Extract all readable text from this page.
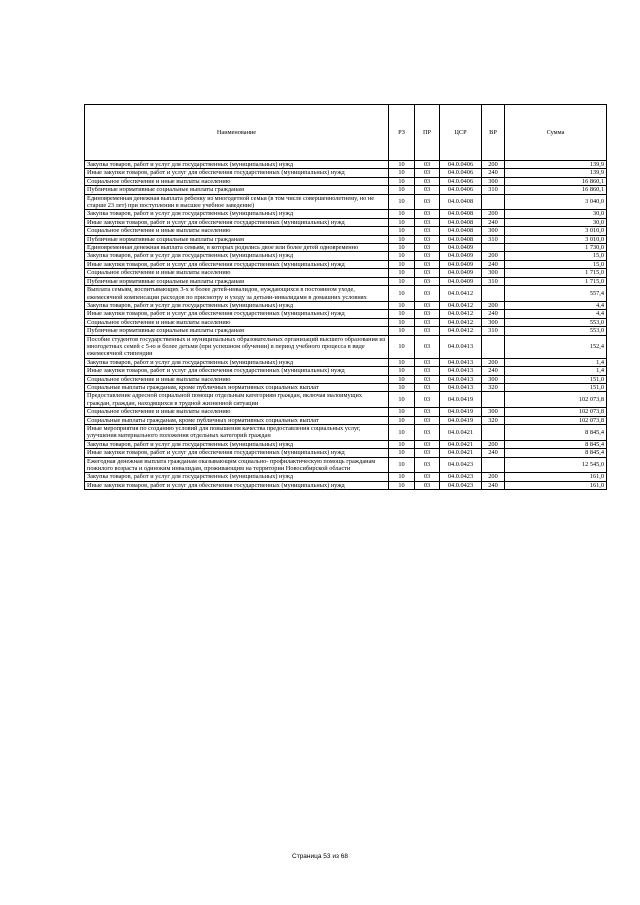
Наименование	РЗ	ПР	ЦСР	ВР	Сумма
Закупка товаров, работ и услуг для государственных (муниципальных) нужд	10	03	04.0.0406	200	139,9
Иные закупки товаров, работ и услуг для обеспечения государственных (муниципальных) нужд	10	03	04.0.0406	240	139,9
Социальное обеспечение и иные выплаты населению	10	03	04.0.0406	300	16 860,1
Публичные нормативные социальные выплаты гражданам	10	03	04.0.0406	310	16 860,1
Единовременная денежная выплата ребенку из многодетной семьи (в том числе совершеннолетнему, но не старше 23 лет) при поступлении в высшее учебное заведение)	10	03	04.0.0408		3 040,0
Закупка товаров, работ и услуг для государственных (муниципальных) нужд	10	03	04.0.0408	200	30,0
Иные закупки товаров, работ и услуг для обеспечения государственных (муниципальных) нужд	10	03	04.0.0408	240	30,0
Социальное обеспечение и иные выплаты населению	10	03	04.0.0408	300	3 010,0
Публичные нормативные социальные выплаты гражданам	10	03	04.0.0408	310	3 010,0
Единовременная денежная выплата семьям, в которых родились двое или более детей одновременно	10	03	04.0.0409		1 730,0
Закупка товаров, работ и услуг для государственных (муниципальных) нужд	10	03	04.0.0409	200	15,0
Иные закупки товаров, работ и услуг для обеспечения государственных (муниципальных) нужд	10	03	04.0.0409	240	15,0
Социальное обеспечение и иные выплаты населению	10	03	04.0.0409	300	1 715,0
Публичные нормативные социальные выплаты гражданам	10	03	04.0.0409	310	1 715,0
Выплата семьям, воспитывающих 3-х и более детей-инвалидов, нуждающихся в постоянном уходе, ежемесячной компенсации расходов по присмотру и уходу за детьми-инвалидами в домашних условиях	10	03	04.0.0412		557,4
Закупка товаров, работ и услуг для государственных (муниципальных) нужд	10	03	04.0.0412	200	4,4
Иные закупки товаров, работ и услуг для обеспечения государственных (муниципальных) нужд	10	03	04.0.0412	240	4,4
Социальное обеспечение и иные выплаты населению	10	03	04.0.0412	300	553,0
Публичные нормативные социальные выплаты гражданам	10	03	04.0.0412	310	553,0
Пособие студентов государственных и муниципальных образовательных организаций высшего образования из многодетных семей с 5-ю и более детьми (при успешном обучении) в период учебного процесса в виде ежемесячной стипендии	10	03	04.0.0413		152,4
Закупка товаров, работ и услуг для государственных (муниципальных) нужд	10	03	04.0.0413	200	1,4
Иные закупки товаров, работ и услуг для обеспечения государственных (муниципальных) нужд	10	03	04.0.0413	240	1,4
Социальное обеспечение и иные выплаты населению	10	03	04.0.0413	300	151,0
Социальные выплаты гражданам, кроме публичных нормативных социальных выплат	10	03	04.0.0413	320	151,0
Предоставление адресной социальной помощи отдельным категориям граждан, включая малоимущих граждан, граждан, находящихся в трудной жизненной ситуации	10	03	04.0.0419		102 073,8
Социальное обеспечение и иные выплаты населению	10	03	04.0.0419	300	102 073,8
Социальные выплаты гражданам, кроме публичных нормативных социальных выплат	10	03	04.0.0419	320	102 073,8
Иные мероприятия по созданию условий для повышения качества предоставления социальных услуг, улучшения материального положения отдельных категорий граждан	10	03	04.0.0421		8 845,4
Закупка товаров, работ и услуг для государственных (муниципальных) нужд	10	03	04.0.0421	200	8 845,4
Иные закупки товаров, работ и услуг для обеспечения государственных (муниципальных) нужд	10	03	04.0.0421	240	8 845,4
Ежегодная денежная выплата гражданам оказывающим социально- профилактическую помощь гражданам пожилого возраста и одиноким инвалидам, проживающим на территории Новосибирской области	10	03	04.0.0423		12 545,0
Закупка товаров, работ и услуг для государственных (муниципальных) нужд	10	03	04.0.0423	200	161,0
Иные закупки товаров, работ и услуг для обеспечения государственных (муниципальных) нужд	10	03	04.0.0423	240	161,0
Страница 53 из 68
